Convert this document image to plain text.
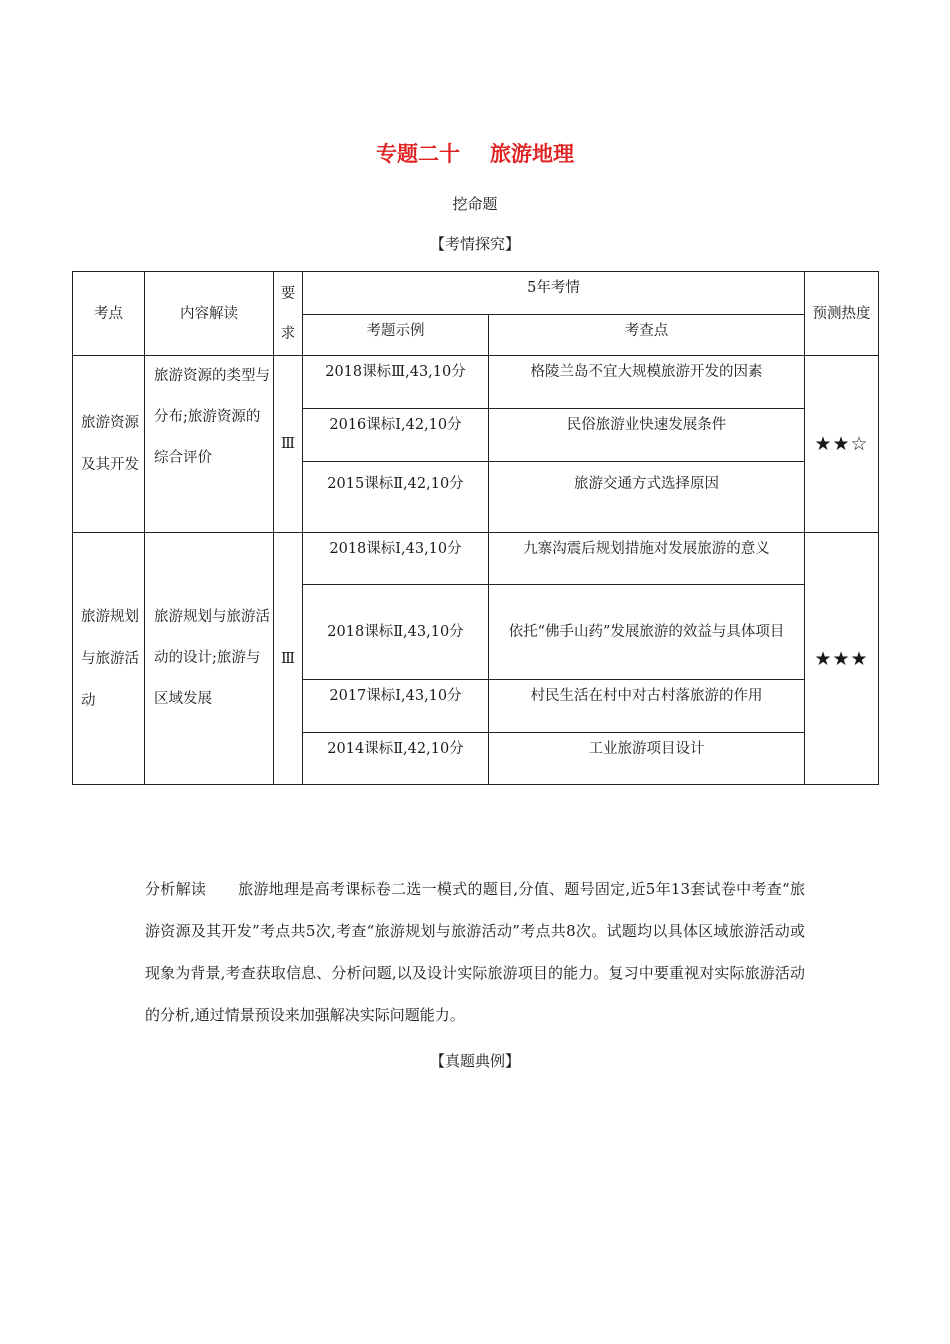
专题二十 旅游地理
挖命题
【考情探究】
考点	内容解读	要求	5年考情		预测热度
			考题示例	考查点	
旅游资源及其开发	旅游资源的类型与分布;旅游资源的综合评价	Ⅲ	2018课标Ⅲ,43,10分	格陵兰岛不宜大规模旅游开发的因素	★★☆
			2016课标Ⅰ,42,10分	民俗旅游业快速发展条件	
			2015课标Ⅱ,42,10分	旅游交通方式选择原因	
旅游规划与旅游活动	旅游规划与旅游活动的设计;旅游与区域发展	Ⅲ	2018课标Ⅰ,43,10分	九寨沟震后规划措施对发展旅游的意义	★★★
			2018课标Ⅱ,43,10分	依托“佛手山药”发展旅游的效益与具体项目	
			2017课标Ⅰ,43,10分	村民生活在村中对古村落旅游的作用	
			2014课标Ⅱ,42,10分	工业旅游项目设计	
分析解读 旅游地理是高考课标卷二选一模式的题目,分值、题号固定,近5年13套试卷中考查“旅游资源及其开发”考点共5次,考查“旅游规划与旅游活动”考点共8次。试题均以具体区域旅游活动或现象为背景,考查获取信息、分析问题,以及设计实际旅游项目的能力。复习中要重视对实际旅游活动的分析,通过情景预设来加强解决实际问题能力。
【真题典例】
